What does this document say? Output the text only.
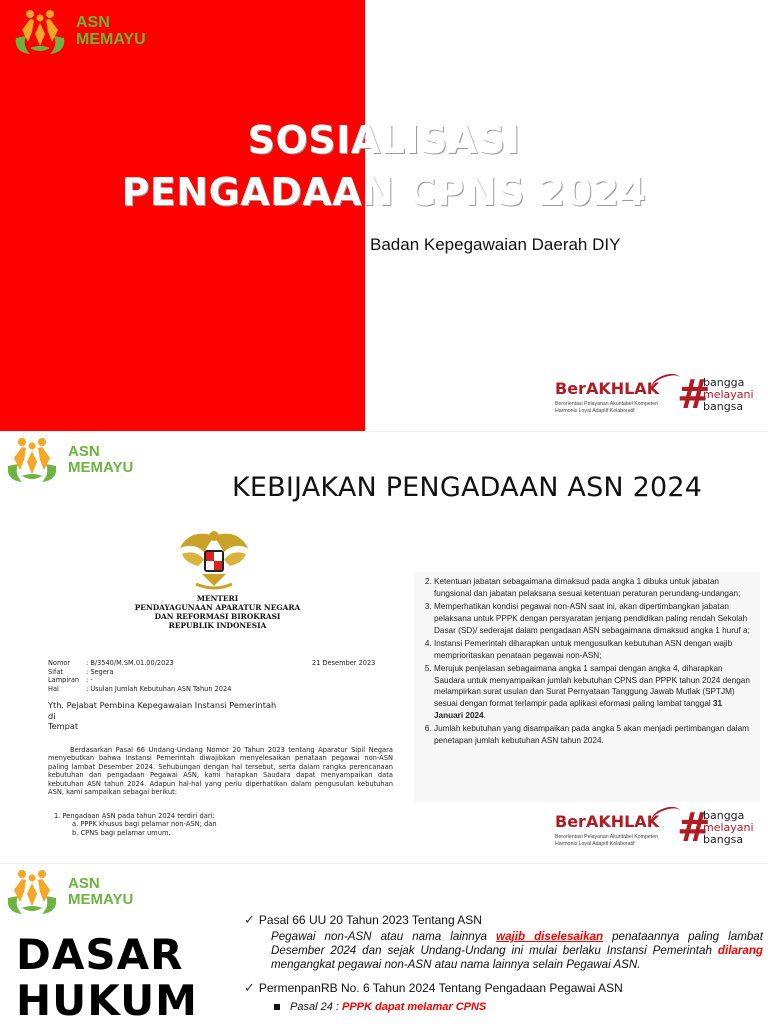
ASN
MEMAYU
SOSIALISASI
PENGADAAN CPNS 2024
Badan Kepegawaian Daerah DIY
BerAKHLAK
Berorientasi Pelayanan Akuntabel Kompeten Harmonis Loyal Adaptif Kolaboratif	#
bangga
melayani
bangsa
ASN
MEMAYU
KEBIJAKAN PENGADAAN ASN 2024
MENTERI
PENDAYAGUNAAN APARATUR NEGARA
DAN REFORMASI BIROKRASI
REPUBLIK INDONESIA
Nomor : B/3540/M.SM.01.00/2023
Sifat	: Segera
Lampiran : -
Hal	: Usulan Jumlah Kebutuhan ASN Tahun 2024
21 Desember 2023
Yth. Pejabat Pembina Kepegawaian Instansi Pemerintah
di
Tempat
Berdasarkan Pasal 66 Undang-Undang Nomor 20 Tahun 2023 tentang Aparatur Sipil Negara menyebutkan bahwa Instansi Pemerintah diwajibkan menyelesaikan penataan pegawai non-ASN paling lambat Desember 2024. Sehubungan dengan hal tersebut, serta dalam rangka perencanaan kebutuhan dan pengadaan Pegawai ASN, kami harapkan Saudara dapat menyampaikan data kebutuhan ASN tahun 2024. Adapun hal-hal yang perlu diperhatikan dalam pengusulan kebutuhan ASN, kami sampaikan sebagai berikut:
1. Pengadaan ASN pada tahun 2024 terdiri dari:
a. PPPK khusus bagi pelamar non-ASN; dan
b. CPNS bagi pelamar umum.
2. Ketentuan jabatan sebagaimana dimaksud pada angka 1 dibuka untuk jabatan fungsional dan jabatan pelaksana sesuai ketentuan peraturan perundang-undangan;
3. Memperhatikan kondisi pegawai non-ASN saat ini, akan dipertimbangkan jabatan pelaksana untuk PPPK dengan persyaratan jenjang pendidikan paling rendah Sekolah Dasar (SD)/ sederajat dalam pengadaan ASN sebagaimana dimaksud angka 1 huruf a;
4. Instansi Pemerintah diharapkan untuk mengusulkan kebutuhan ASN dengan wajib memprioritaskan penataan pegawai non-ASN;
5. Merujuk penjelasan sebagaimana angka 1 sampai dengan angka 4, diharapkan Saudara untuk menyampaikan jumlah kebutuhan CPNS dan PPPK tahun 2024 dengan melampirkan surat usulan dan Surat Pernyataan Tanggung Jawab Mutlak (SPTJM) sesuai dengan format terlampir pada aplikasi eformasi paling lambat tanggal 31 Januari 2024.
6. Jumlah kebutuhan yang disampaikan pada angka 5 akan menjadi pertimbangan dalam penetapan jumlah kebutuhan ASN tahun 2024.
BerAKHLAK
Berorientasi Pelayanan Akuntabel Kompeten Harmonis Loyal Adaptif Kolaboratif	#
bangga
melayani
bangsa
ASN
MEMAYU
DASAR
HUKUM
✓ Pasal 66 UU 20 Tahun 2023 Tentang ASN
Pegawai non-ASN atau nama lainnya wajib diselesaikan penataannya paling lambat Desember 2024 dan sejak Undang-Undang ini mulai berlaku Instansi Pemerintah dilarang mengangkat pegawai non-ASN atau nama lainnya selain Pegawai ASN.
✓ PermenpanRB No. 6 Tahun 2024 Tentang Pengadaan Pegawai ASN
Pasal 24 : PPPK dapat melamar CPNS
